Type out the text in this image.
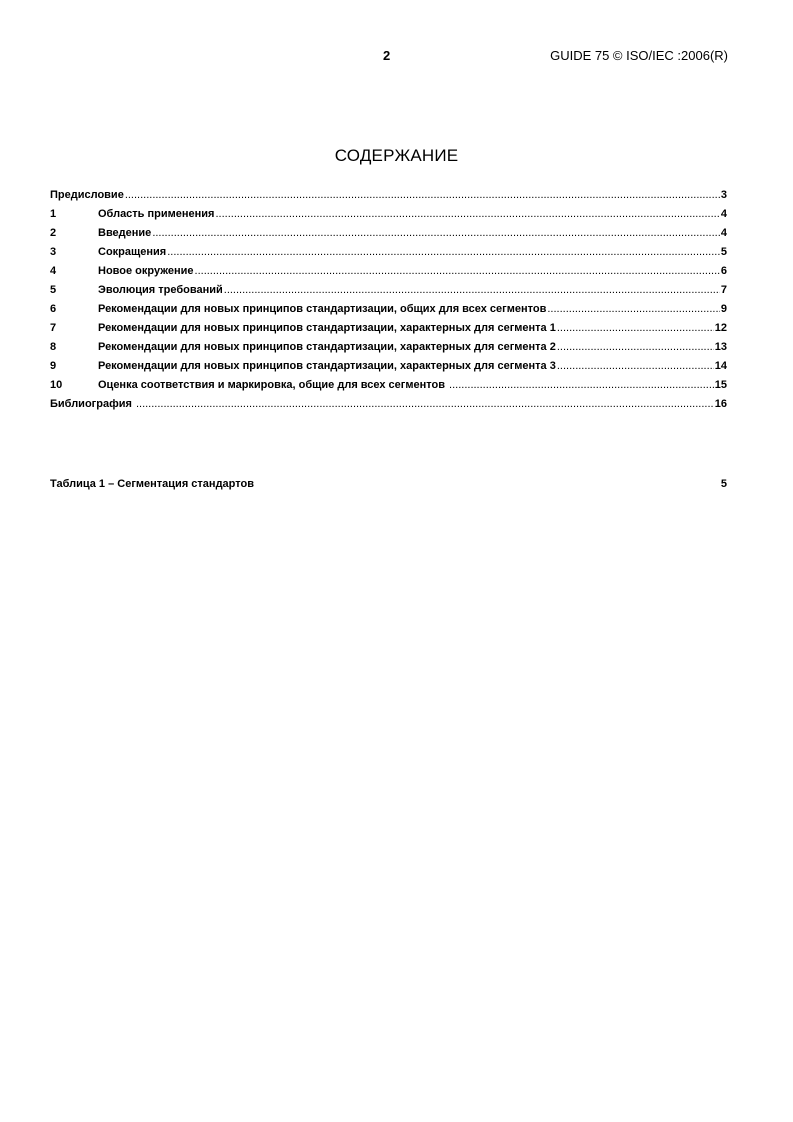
2	GUIDE 75 © ISO/IEC :2006(R)
СОДЕРЖАНИЕ
Предисловие .....	3
1	Область применения .....	4
2	Введение .....	4
3	Сокращения .....	5
4	Новое окружение .....	6
5	Эволюция требований .....	7
6	Рекомендации для новых принципов стандартизации, общих для всех сегментов .....	9
7	Рекомендации для новых принципов стандартизации, характерных для сегмента 1 .....	12
8	Рекомендации для новых принципов стандартизации, характерных для сегмента 2 .....	13
9	Рекомендации для новых принципов стандартизации, характерных для сегмента 3 .....	14
10	Оценка соответствия и маркировка, общие для всех сегментов .....	15
Библиография .....	16
Таблица 1 – Сегментация стандартов	5
